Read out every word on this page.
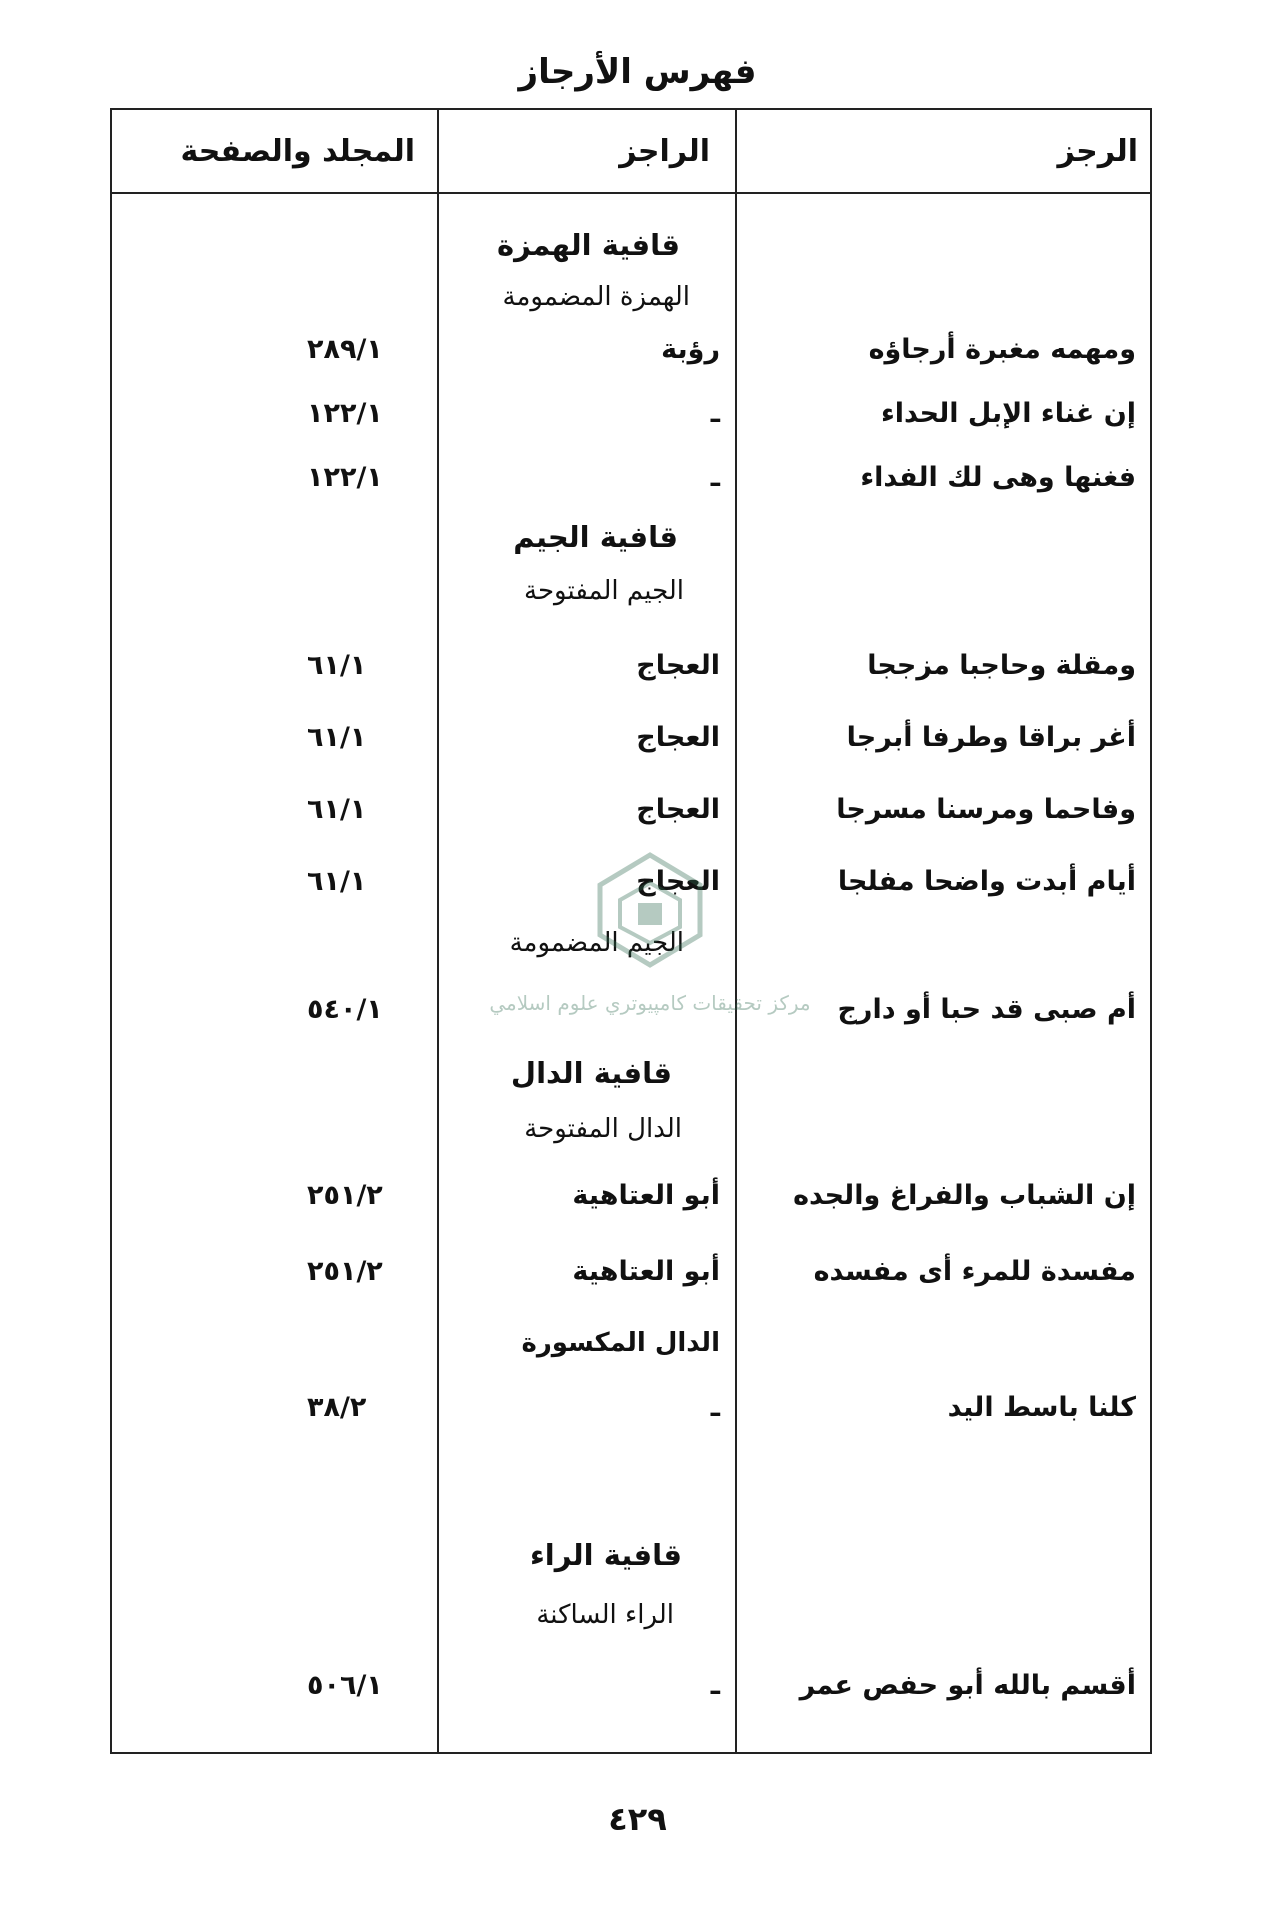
فهرس الأرجاز
الرجز
الراجز
المجلد والصفحة
قافية الهمزة
الهمزة المضمومة
ومهمه مغبرة أرجاؤه
رؤبة
٢٨٩/١
إن غناء الإبل الحداء
ـ
١٢٢/١
فغنها وهى لك الفداء
ـ
١٢٢/١
قافية الجيم
الجيم المفتوحة
ومقلة وحاجبا مزججا
العجاج
٦١/١
أغر براقا وطرفا أبرجا
العجاج
٦١/١
وفاحما ومرسنا مسرجا
العجاج
٦١/١
أيام أبدت واضحا مفلجا
العجاج
٦١/١
الجيم المضمومة
أم صبى قد حبا أو دارج
٥٤٠/١
قافية الدال
الدال المفتوحة
إن الشباب والفراغ والجده
أبو العتاهية
٢٥١/٢
مفسدة للمرء أى مفسده
أبو العتاهية
٢٥١/٢
الدال المكسورة
كلنا باسط اليد
ـ
٣٨/٢
قافية الراء
الراء الساكنة
أقسم بالله أبو حفص عمر
ـ
٥٠٦/١
مركز تحقيقات كامپيوتري علوم اسلامي
٤٢٩
